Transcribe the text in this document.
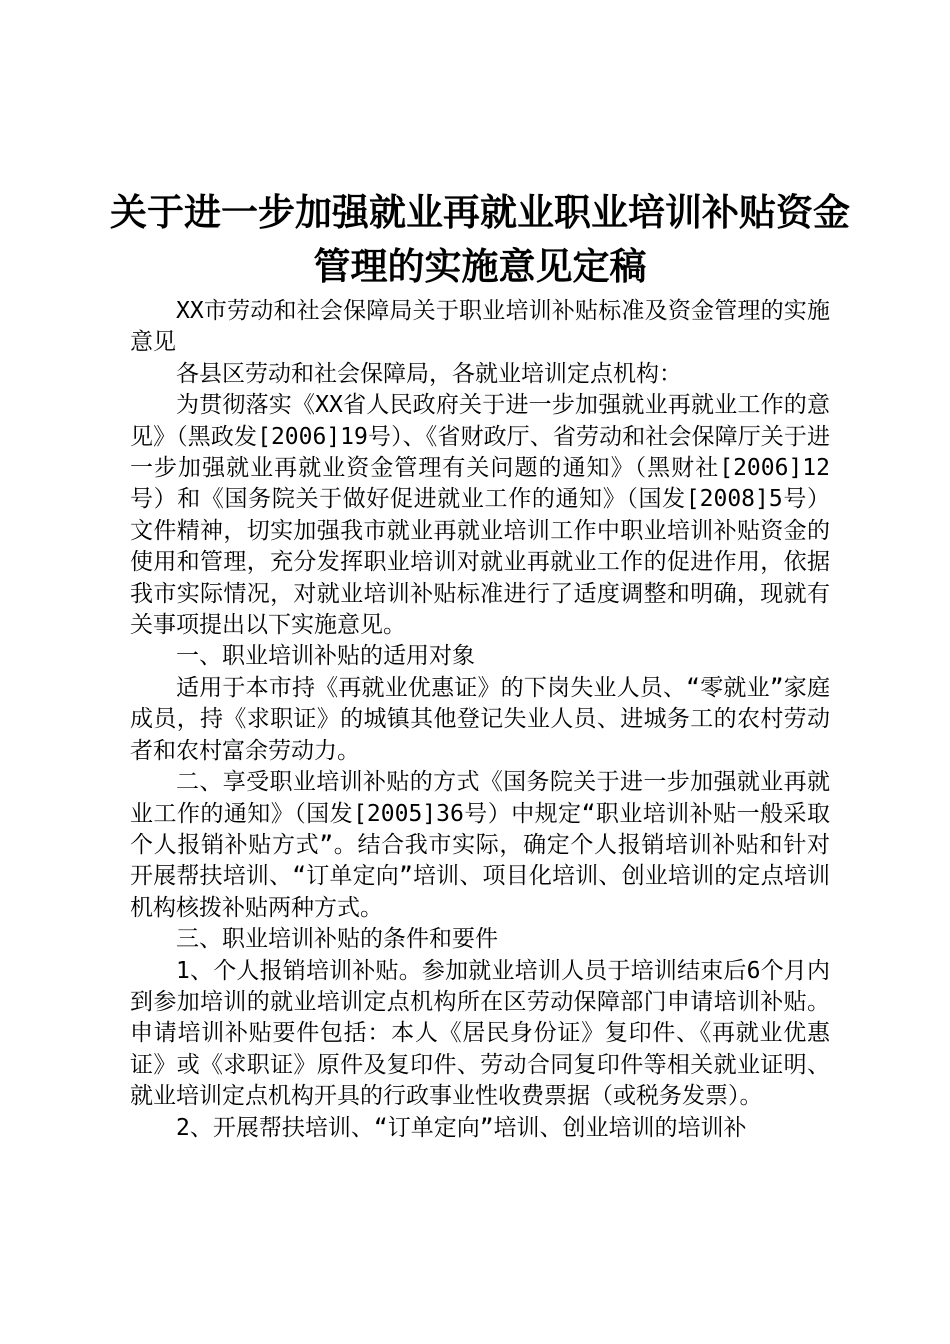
关于进一步加强就业再就业职业培训补贴资金
管理的实施意见定稿

XX市劳动和社会保障局关于职业培训补贴标准及资金管理的实施意见

各县区劳动和社会保障局，各就业培训定点机构：

为贯彻落实《XX省人民政府关于进一步加强就业再就业工作的意见》（黑政发[2006]19号）、《省财政厅、省劳动和社会保障厅关于进一步加强就业再就业资金管理有关问题的通知》（黑财社[2006]12号）和《国务院关于做好促进就业工作的通知》（国发[2008]5号）文件精神，切实加强我市就业再就业培训工作中职业培训补贴资金的使用和管理，充分发挥职业培训对就业再就业工作的促进作用，依据我市实际情况，对就业培训补贴标准进行了适度调整和明确，现就有关事项提出以下实施意见。

一、职业培训补贴的适用对象

适用于本市持《再就业优惠证》的下岗失业人员、“零就业”家庭成员，持《求职证》的城镇其他登记失业人员、进城务工的农村劳动者和农村富余劳动力。

二、享受职业培训补贴的方式《国务院关于进一步加强就业再就业工作的通知》（国发[2005]36号）中规定“职业培训补贴一般采取个人报销补贴方式”。结合我市实际，确定个人报销培训补贴和针对开展帮扶培训、“订单定向”培训、项目化培训、创业培训的定点培训机构核拨补贴两种方式。

三、职业培训补贴的条件和要件

1、个人报销培训补贴。参加就业培训人员于培训结束后6个月内到参加培训的就业培训定点机构所在区劳动保障部门申请培训补贴。申请培训补贴要件包括：本人《居民身份证》复印件、《再就业优惠证》或《求职证》原件及复印件、劳动合同复印件等相关就业证明、就业培训定点机构开具的行政事业性收费票据（或税务发票）。

2、开展帮扶培训、“订单定向”培训、创业培训的培训补
